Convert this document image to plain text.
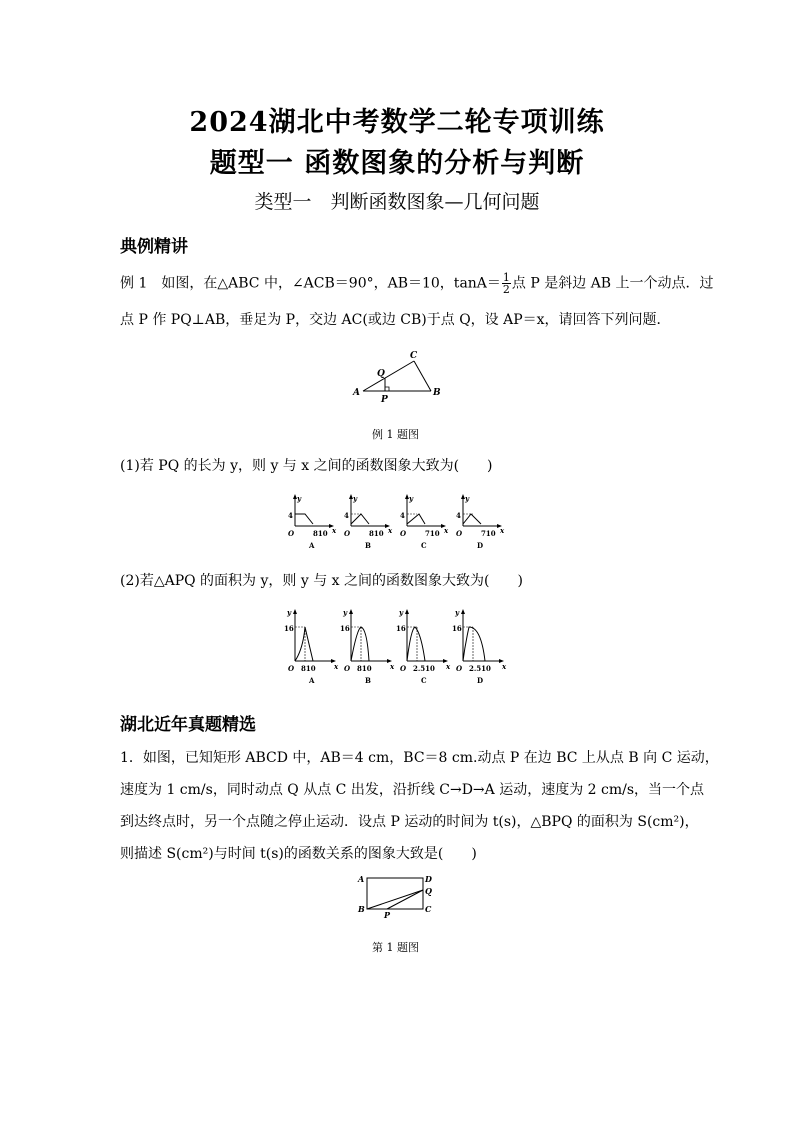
2024湖北中考数学二轮专项训练
题型一 函数图象的分析与判断
类型一　判断函数图象—几何问题
典例精讲
例 1　如图，在△ABC 中，∠ACB＝90°，AB＝10，$\tan A= \frac{1}{2}$ 点 P 是斜边 AB 上一个动点．过
点 P 作 PQ⊥AB，垂足为 P，交边 AC(或边 CB)于点 Q，设 AP＝x，请回答下列问题．
A	B
C
P
Q
例 1 题图
(1)若 PQ 的长为 y，则 y 与 x 之间的函数图象大致为(　　)
y
4
O	810 x
A
y
4
O	810 x
B
y
4
O	710 x
C
y
4
O	710 x
D
(2)若△APQ 的面积为 y，则 y 与 x 之间的函数图象大致为(　　)
y
16
O 810	x
A
y
16
O 810	x
B
y
16
O 2.510 x
C
y
16
O 2.510 x
D
湖北近年真题精选
1．如图，已知矩形 ABCD 中，AB＝4 cm，BC＝8 cm.动点 P 在边 BC 上从点 B 向 C 运动，
速度为 1 cm/s，同时动点 Q 从点 C 出发，沿折线 C→D→A 运动，速度为 2 cm/s，当一个点
到达终点时，另一个点随之停止运动．设点 P 运动的时间为 t(s)，△BPQ 的面积为 S(cm²)，
则描述 S(cm²)与时间 t(s)的函数关系的图象大致是(　　)
A
B	C
D
Q
P
第 1 题图
